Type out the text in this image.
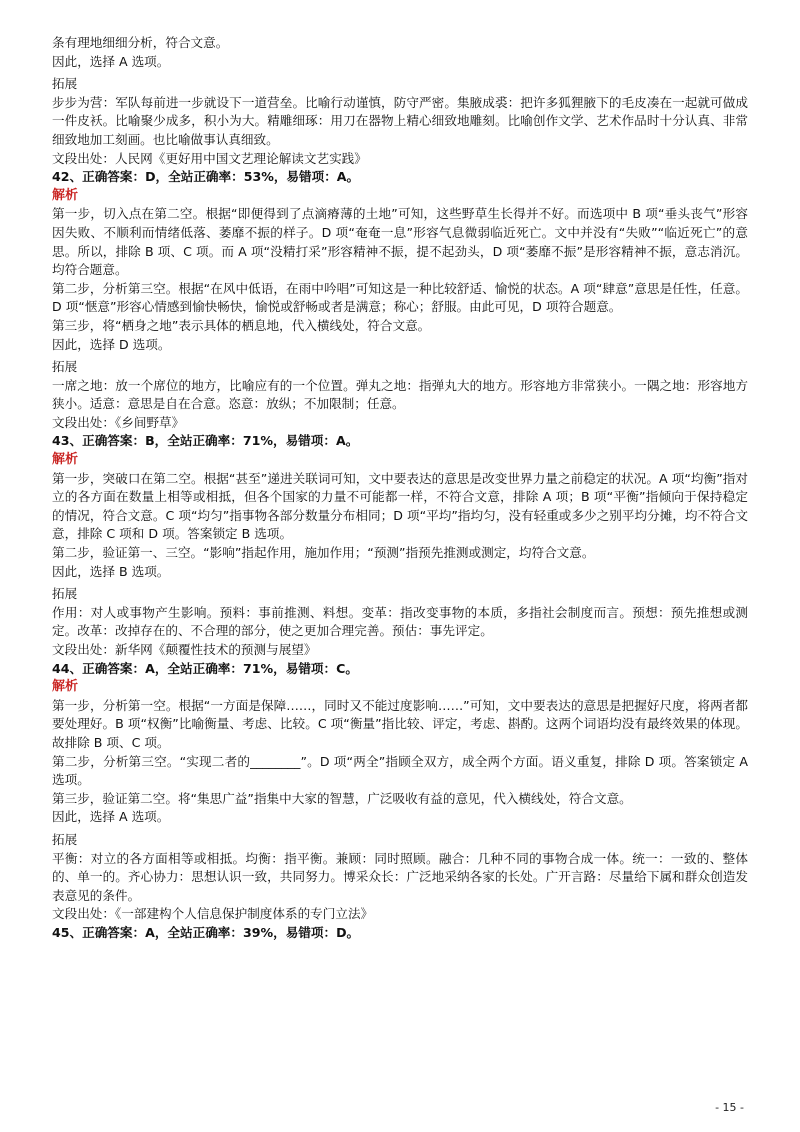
条有理地细细分析，符合文意。
因此，选择 A 选项。
拓展
步步为营：军队每前进一步就设下一道营垒。比喻行动谨慎，防守严密。集腋成裘：把许多狐狸腋下的毛皮凑在一起就可做成一件皮袄。比喻聚少成多，积小为大。精雕细琢：用刀在器物上精心细致地雕刻。比喻创作文学、艺术作品时十分认真、非常细致地加工刻画。也比喻做事认真细致。
文段出处：人民网《更好用中国文艺理论解读文艺实践》
42、正确答案：D，全站正确率：53%，易错项：A。
解析
第一步，切入点在第二空。根据“即便得到了点滴瘠薄的土地”可知，这些野草生长得并不好。而选项中 B 项“垂头丧气”形容因失败、不顺利而情绪低落、萎靡不振的样子。D 项“奄奄一息”形容气息微弱临近死亡。文中并没有“失败”“临近死亡”的意思。所以，排除 B 项、C 项。而 A 项“没精打采”形容精神不振，提不起劲头，D 项“萎靡不振”是形容精神不振，意志消沉。均符合题意。
第二步，分析第三空。根据“在风中低语，在雨中吟唱”可知这是一种比较舒适、愉悦的状态。A 项“肆意”意思是任性，任意。D 项“惬意”形容心情感到愉快畅快，愉悦或舒畅或者是满意；称心；舒服。由此可见，D 项符合题意。
第三步，将“栖身之地”表示具体的栖息地，代入横线处，符合文意。
因此，选择 D 选项。
拓展
一席之地：放一个席位的地方，比喻应有的一个位置。弹丸之地：指弹丸大的地方。形容地方非常狭小。一隅之地：形容地方狭小。适意：意思是自在合意。恣意：放纵；不加限制；任意。
文段出处：《乡间野草》
43、正确答案：B，全站正确率：71%，易错项：A。
解析
第一步，突破口在第二空。根据“甚至”递进关联词可知，文中要表达的意思是改变世界力量之前稳定的状况。A 项“均衡”指对立的各方面在数量上相等或相抵，但各个国家的力量不可能都一样，不符合文意，排除 A 项；B 项“平衡”指倾向于保持稳定的情况，符合文意。C 项“均匀”指事物各部分数量分布相同；D 项“平均”指均匀，没有轻重或多少之别平均分摊，均不符合文意，排除 C 项和 D 项。答案锁定 B 选项。
第二步，验证第一、三空。“影响”指起作用，施加作用；“预测”指预先推测或测定，均符合文意。
因此，选择 B 选项。
拓展
作用：对人或事物产生影响。预料：事前推测、料想。变革：指改变事物的本质，多指社会制度而言。预想：预先推想或测定。改革：改掉存在的、不合理的部分，使之更加合理完善。预估：事先评定。
文段出处：新华网《颠覆性技术的预测与展望》
44、正确答案：A，全站正确率：71%，易错项：C。
解析
第一步，分析第一空。根据“一方面是保障……，同时又不能过度影响……”可知，文中要表达的意思是把握好尺度，将两者都要处理好。B 项“权衡”比喻衡量、考虑、比较。C 项“衡量”指比较、评定，考虑、斟酌。这两个词语均没有最终效果的体现。故排除 B 项、C 项。
第二步，分析第三空。“实现二者的________”。D 项“两全”指顾全双方，成全两个方面。语义重复，排除 D 项。答案锁定 A 选项。
第三步，验证第二空。将“集思广益”指集中大家的智慧，广泛吸收有益的意见，代入横线处，符合文意。
因此，选择 A 选项。
拓展
平衡：对立的各方面相等或相抵。均衡：指平衡。兼顾：同时照顾。融合：几种不同的事物合成一体。统一：一致的、整体的、单一的。齐心协力：思想认识一致，共同努力。博采众长：广泛地采纳各家的长处。广开言路：尽量给下属和群众创造发表意见的条件。
文段出处：《一部建构个人信息保护制度体系的专门立法》
45、正确答案：A，全站正确率：39%，易错项：D。
- 15 -
